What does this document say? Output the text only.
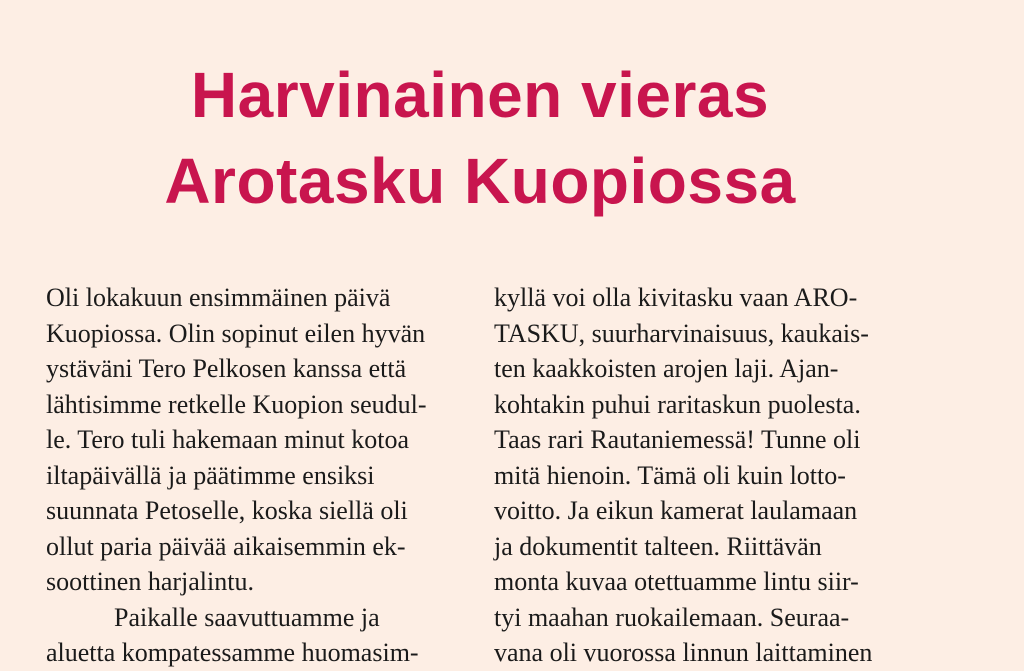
Harvinainen vieras
Arotasku Kuopiossa
Oli lokakuun ensimmäinen päivä
Kuopiossa. Olin sopinut eilen hyvän
ystäväni Tero Pelkosen kanssa että
lähtisimme retkelle Kuopion seudul-
le. Tero tuli hakemaan minut kotoa
iltapäivällä ja päätimme ensiksi
suunnata Petoselle, koska siellä oli
ollut paria päivää aikaisemmin ek-
soottinen harjalintu.
Paikalle saavuttuamme ja
aluetta kompatessamme huomasim-
kyllä voi olla kivitasku vaan ARO-
TASKU, suurharvinaisuus, kaukais-
ten kaakkoisten arojen laji. Ajan-
kohtakin puhui raritaskun puolesta.
Taas rari Rautaniemessä! Tunne oli
mitä hienoin. Tämä oli kuin lotto-
voitto. Ja eikun kamerat laulamaan
ja dokumentit talteen. Riittävän
monta kuvaa otettuamme lintu siir-
tyi maahan ruokailemaan. Seuraa-
vana oli vuorossa linnun laittaminen
